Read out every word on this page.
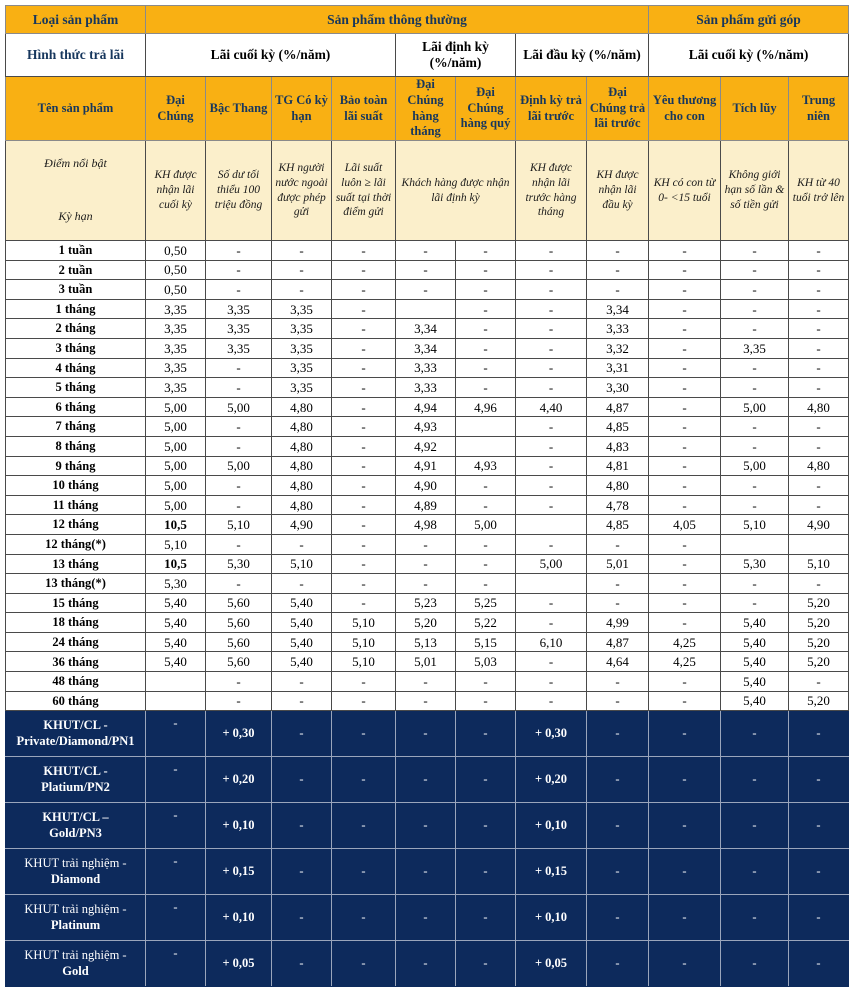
Loại sản phẩm	Sản phẩm thông thường								Sản phẩm gửi góp		
Hình thức trả lãi	Lãi cuối kỳ (%/năm)				Lãi định kỳ (%/năm)		Lãi đầu kỳ (%/năm)		Lãi cuối kỳ (%/năm)		
Tên sản phẩm	Đại Chúng	Bậc Thang	TG Có kỳ hạn	Bảo toàn lãi suất	Đại Chúng hàng tháng	Đại Chúng hàng quý	Định kỳ trả lãi trước	Đại Chúng trả lãi trước	Yêu thương cho con	Tích lũy	Trung niên

Điểm nổi bật
Kỳ hạn	KH được nhận lãi cuối kỳ	Số dư tối thiểu 100 triệu đồng	KH người nước ngoài được phép gửi	Lãi suất luôn ≥ lãi suất tại thời điểm gửi	Khách hàng được nhận lãi định kỳ		KH được nhận lãi trước hàng tháng	KH được nhận lãi đầu kỳ	KH có con từ 0- <15 tuổi	Không giới hạn số lần & số tiền gửi	KH từ 40 tuổi trở lên
1 tuần	0,50	-	-	-	-	-	-	-	-	-	-
2 tuần	0,50	-	-	-	-	-	-	-	-	-	-
3 tuần	0,50	-	-	-	-	-	-	-	-	-	-
1 tháng	3,35	3,35	3,35	-		-	-	3,34	-	-	-
2 tháng	3,35	3,35	3,35	-	3,34	-	-	3,33	-	-	-
3 tháng	3,35	3,35	3,35	-	3,34	-	-	3,32	-	3,35	-
4 tháng	3,35	-	3,35	-	3,33	-	-	3,31	-	-	-
5 tháng	3,35	-	3,35	-	3,33	-	-	3,30	-	-	-
6 tháng	5,00	5,00	4,80	-	4,94	4,96	4,40	4,87	-	5,00	4,80
7 tháng	5,00	-	4,80	-	4,93		-	4,85	-	-	-
8 tháng	5,00	-	4,80	-	4,92		-	4,83	-	-	-
9 tháng	5,00	5,00	4,80	-	4,91	4,93	-	4,81	-	5,00	4,80
10 tháng	5,00	-	4,80	-	4,90	-	-	4,80	-	-	-
11 tháng	5,00	-	4,80	-	4,89	-	-	4,78	-	-	-
12 tháng	10,5	5,10	4,90	-	4,98	5,00		4,85	4,05	5,10	4,90
12 tháng(*)	5,10	-	-	-	-	-	-	-	-		
13 tháng	10,5	5,30	5,10	-	-	-	5,00	5,01	-	5,30	5,10
13 tháng(*)	5,30	-	-	-	-	-		-	-	-	-
15 tháng	5,40	5,60	5,40	-	5,23	5,25	-	-	-	-	5,20
18 tháng	5,40	5,60	5,40	5,10	5,20	5,22	-	4,99	-	5,40	5,20
24 tháng	5,40	5,60	5,40	5,10	5,13	5,15	6,10	4,87	4,25	5,40	5,20
36 tháng	5,40	5,60	5,40	5,10	5,01	5,03	-	4,64	4,25	5,40	5,20
48 tháng		-	-	-	-	-	-	-	-	5,40	-
60 tháng		-	-	-	-	-	-	-	-	5,40	5,20

KHUT/CL -
Private/Diamond/PN1	-	+ 0,30	-	-	-	-	+ 0,30	-	-	-	-

KHUT/CL -
Platium/PN2	-	+ 0,20	-	-	-	-	+ 0,20	-	-	-	-

KHUT/CL –
Gold/PN3	-	+ 0,10	-	-	-	-	+ 0,10	-	-	-	-

KHUT trải nghiệm -
Diamond	-	+ 0,15	-	-	-	-	+ 0,15	-	-	-	-

KHUT trải nghiệm -
Platinum	-	+ 0,10	-	-	-	-	+ 0,10	-	-	-	-

KHUT trải nghiệm -
Gold	-	+ 0,05	-	-	-	-	+ 0,05	-	-	-	-
